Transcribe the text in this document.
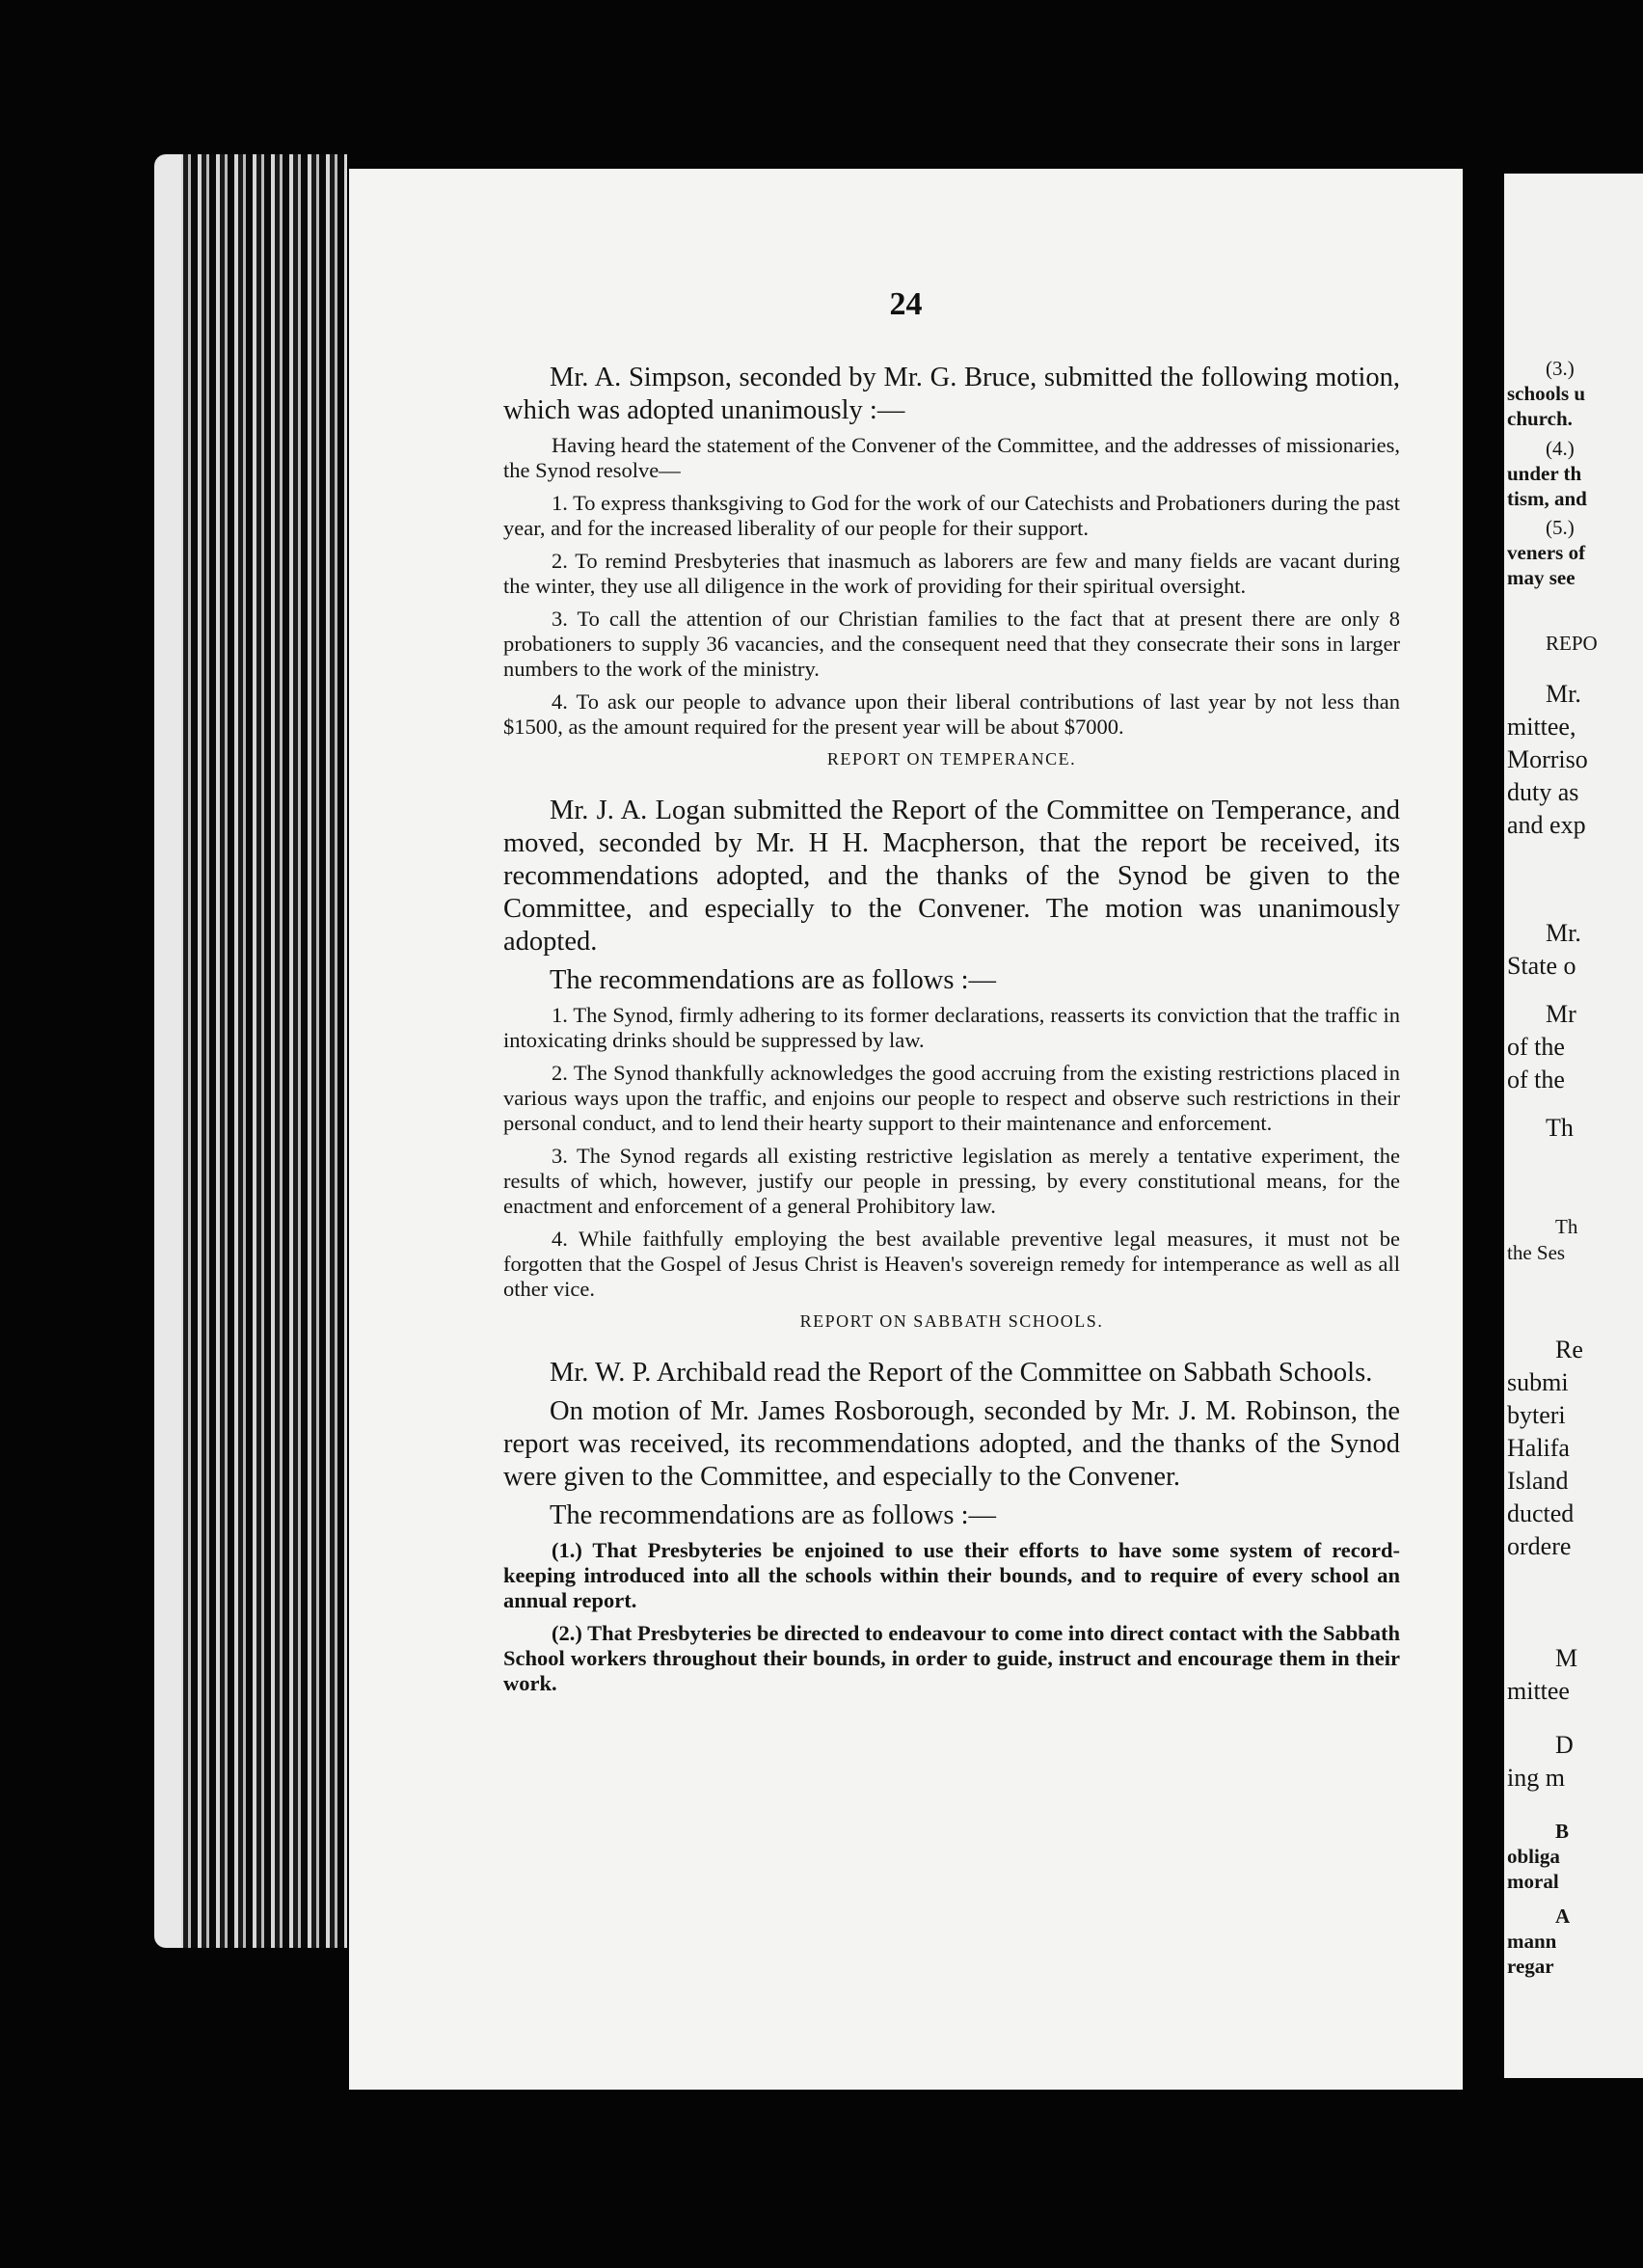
24

Mr. A. Simpson, seconded by Mr. G. Bruce, submitted the following motion, which was adopted unanimously :—

Having heard the statement of the Convener of the Committee, and the addresses of missionaries, the Synod resolve—

1. To express thanksgiving to God for the work of our Catechists and Probationers during the past year, and for the increased liberality of our people for their support.

2. To remind Presbyteries that inasmuch as laborers are few and many fields are vacant during the winter, they use all diligence in the work of providing for their spiritual oversight.

3. To call the attention of our Christian families to the fact that at present there are only 8 probationers to supply 36 vacancies, and the consequent need that they consecrate their sons in larger numbers to the work of the ministry.

4. To ask our people to advance upon their liberal contributions of last year by not less than $1500, as the amount required for the present year will be about $7000.

REPORT ON TEMPERANCE.

Mr. J. A. Logan submitted the Report of the Committee on Temperance, and moved, seconded by Mr. H H. Macpherson, that the report be received, its recommendations adopted, and the thanks of the Synod be given to the Committee, and especially to the Convener. The motion was unanimously adopted.

The recommendations are as follows :—

1. The Synod, firmly adhering to its former declarations, reasserts its conviction that the traffic in intoxicating drinks should be suppressed by law.

2. The Synod thankfully acknowledges the good accruing from the existing restrictions placed in various ways upon the traffic, and enjoins our people to respect and observe such restrictions in their personal conduct, and to lend their hearty support to their maintenance and enforcement.

3. The Synod regards all existing restrictive legislation as merely a tentative experiment, the results of which, however, justify our people in pressing, by every constitutional means, for the enactment and enforcement of a general Prohibitory law.

4. While faithfully employing the best available preventive legal measures, it must not be forgotten that the Gospel of Jesus Christ is Heaven's sovereign remedy for intemperance as well as all other vice.

REPORT ON SABBATH SCHOOLS.

Mr. W. P. Archibald read the Report of the Committee on Sabbath Schools.

On motion of Mr. James Rosborough, seconded by Mr. J. M. Robinson, the report was received, its recommendations adopted, and the thanks of the Synod were given to the Committee, and especially to the Convener.

The recommendations are as follows :—

(1.) That Presbyteries be enjoined to use their efforts to have some system of record-keeping introduced into all the schools within their bounds, and to require of every school an annual report.

(2.) That Presbyteries be directed to endeavour to come into direct contact with the Sabbath School workers throughout their bounds, in order to guide, instruct and encourage them in their work.

(3.)
schools u
church.
(4.)
under th
tism, and
(5.)
veners of
may see
REPO
Mr.
mittee,
Morriso
duty as
and exp
Mr.
State o
Mr
of the
of the
Th
Th
the Ses
Re
submi
byteri
Halifa
Island
ducted
ordere
M
mittee
D
ing m
B
obliga
moral
A
mann
regar
